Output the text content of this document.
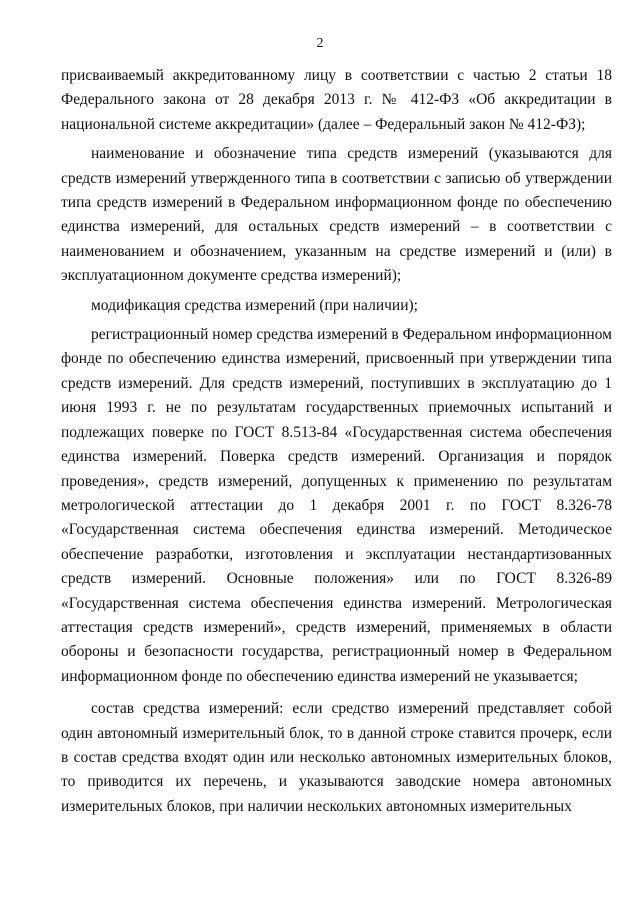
2

присваиваемый аккредитованному лицу в соответствии с частью 2 статьи 18 Федерального закона от 28 декабря 2013 г. № 412-ФЗ «Об аккредитации в национальной системе аккредитации» (далее – Федеральный закон № 412-ФЗ);

наименование и обозначение типа средств измерений (указываются для средств измерений утвержденного типа в соответствии с записью об утверждении типа средств измерений в Федеральном информационном фонде по обеспечению единства измерений, для остальных средств измерений – в соответствии с наименованием и обозначением, указанным на средстве измерений и (или) в эксплуатационном документе средства измерений);

модификация средства измерений (при наличии);

регистрационный номер средства измерений в Федеральном информационном фонде по обеспечению единства измерений, присвоенный при утверждении типа средств измерений. Для средств измерений, поступивших в эксплуатацию до 1 июня 1993 г. не по результатам государственных приемочных испытаний и подлежащих поверке по ГОСТ 8.513-84 «Государственная система обеспечения единства измерений. Поверка средств измерений. Организация и порядок проведения», средств измерений, допущенных к применению по результатам метрологической аттестации до 1 декабря 2001 г. по ГОСТ 8.326-78 «Государственная система обеспечения единства измерений. Методическое обеспечение разработки, изготовления и эксплуатации нестандартизованных средств измерений. Основные положения» или по ГОСТ 8.326-89 «Государственная система обеспечения единства измерений. Метрологическая аттестация средств измерений», средств измерений, применяемых в области обороны и безопасности государства, регистрационный номер в Федеральном информационном фонде по обеспечению единства измерений не указывается;

состав средства измерений: если средство измерений представляет собой один автономный измерительный блок, то в данной строке ставится прочерк, если в состав средства входят один или несколько автономных измерительных блоков, то приводится их перечень, и указываются заводские номера автономных измерительных блоков, при наличии нескольких автономных измерительных
